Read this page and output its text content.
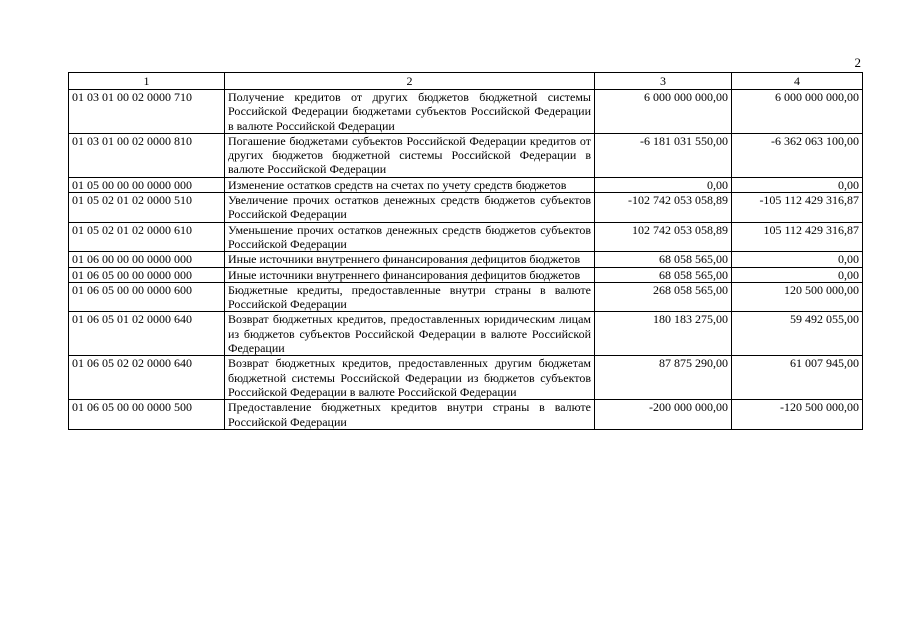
2
1	2	3	4
01 03 01 00 02 0000 710	Получение кредитов от других бюджетов бюджетной системы Российской Федерации бюджетами субъектов Российской Федерации в валюте Российской Федерации	6 000 000 000,00	6 000 000 000,00
01 03 01 00 02 0000 810	Погашение бюджетами субъектов Российской Федерации кредитов от других бюджетов бюджетной системы Российской Федерации в валюте Российской Федерации	-6 181 031 550,00	-6 362 063 100,00
01 05 00 00 00 0000 000	Изменение остатков средств на счетах по учету средств бюджетов	0,00	0,00
01 05 02 01 02 0000 510	Увеличение прочих остатков денежных средств бюджетов субъектов Российской Федерации	-102 742 053 058,89	-105 112 429 316,87
01 05 02 01 02 0000 610	Уменьшение прочих остатков денежных средств бюджетов субъектов Российской Федерации	102 742 053 058,89	105 112 429 316,87
01 06 00 00 00 0000 000	Иные источники внутреннего финансирования дефицитов бюджетов	68 058 565,00	0,00
01 06 05 00 00 0000 000	Иные источники внутреннего финансирования дефицитов бюджетов	68 058 565,00	0,00
01 06 05 00 00 0000 600	Бюджетные кредиты, предоставленные внутри страны в валюте Российской Федерации	268 058 565,00	120 500 000,00
01 06 05 01 02 0000 640	Возврат бюджетных кредитов, предоставленных юридическим лицам из бюджетов субъектов Российской Федерации в валюте Российской Федерации	180 183 275,00	59 492 055,00
01 06 05 02 02 0000 640	Возврат бюджетных кредитов, предоставленных другим бюджетам бюджетной системы Российской Федерации из бюджетов субъектов Российской Федерации в валюте Российской Федерации	87 875 290,00	61 007 945,00
01 06 05 00 00 0000 500	Предоставление бюджетных кредитов внутри страны в валюте Российской Федерации	-200 000 000,00	-120 500 000,00
